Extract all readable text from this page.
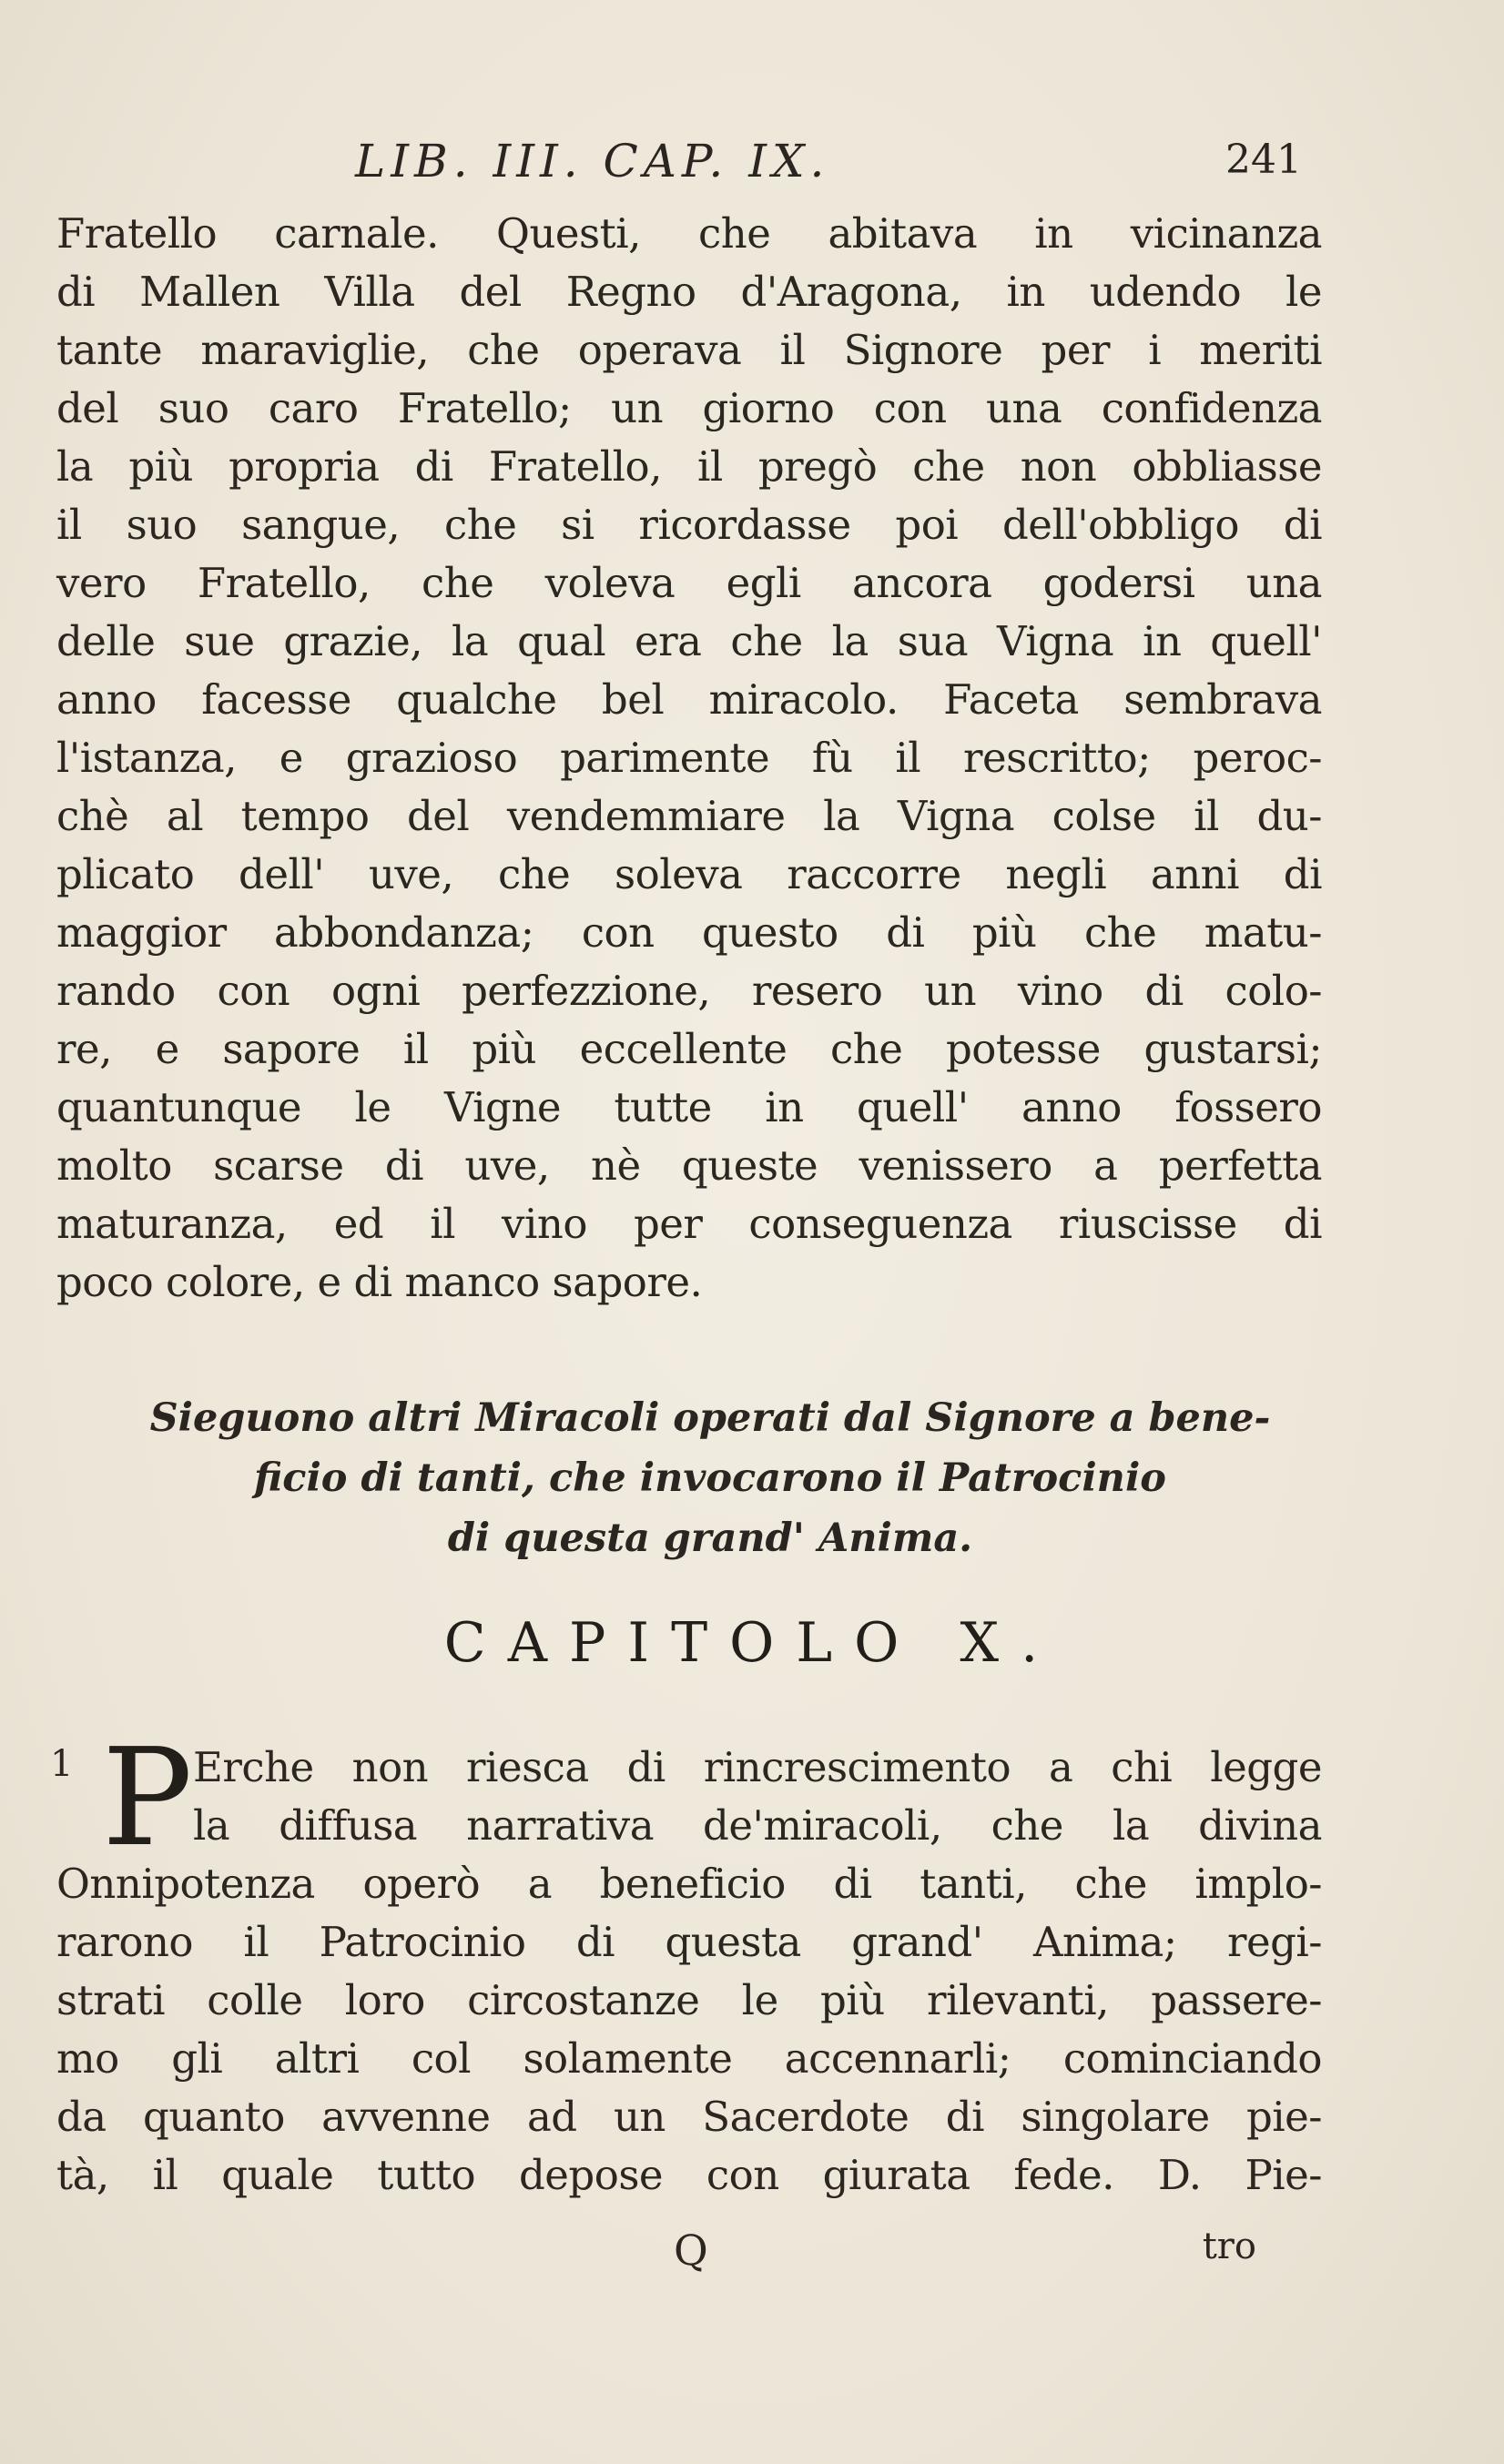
LIB. III. CAP. IX.	241
Fratello carnale. Questi, che abitava in vicinanza
di Mallen Villa del Regno d'Aragona, in udendo le
tante maraviglie, che operava il Signore per i meriti
del suo caro Fratello; un giorno con una confidenza
la più propria di Fratello, il pregò che non obbliasse
il suo sangue, che si ricordasse poi dell'obbligo di
vero Fratello, che voleva egli ancora godersi una
delle sue grazie, la qual era che la sua Vigna in quell'
anno facesse qualche bel miracolo. Faceta sembrava
l'istanza, e grazioso parimente fù il rescritto; peroc-
chè al tempo del vendemmiare la Vigna colse il du-
plicato dell' uve, che soleva raccorre negli anni di
maggior abbondanza; con questo di più che matu-
rando con ogni perfezzione, resero un vino di colo-
re, e sapore il più eccellente che potesse gustarsi;
quantunque le Vigne tutte in quell' anno fossero
molto scarse di uve, nè queste venissero a perfetta
maturanza, ed il vino per conseguenza riuscisse di
poco colore, e di manco sapore.
Sieguono altri Miracoli operati dal Signore a bene-
ficio di tanti, che invocarono il Patrocinio
di questa grand' Anima.
CAPITOLO X.
1 P Erche non riesca di rincrescimento a chi legge
la diffusa narrativa de'miracoli, che la divina
Onnipotenza operò a beneficio di tanti, che implo-
rarono il Patrocinio di questa grand' Anima; regi-
strati colle loro circostanze le più rilevanti, passere-
mo gli altri col solamente accennarli; cominciando
da quanto avvenne ad un Sacerdote di singolare pie-
tà, il quale tutto depose con giurata fede. D. Pie-
Q	tro
